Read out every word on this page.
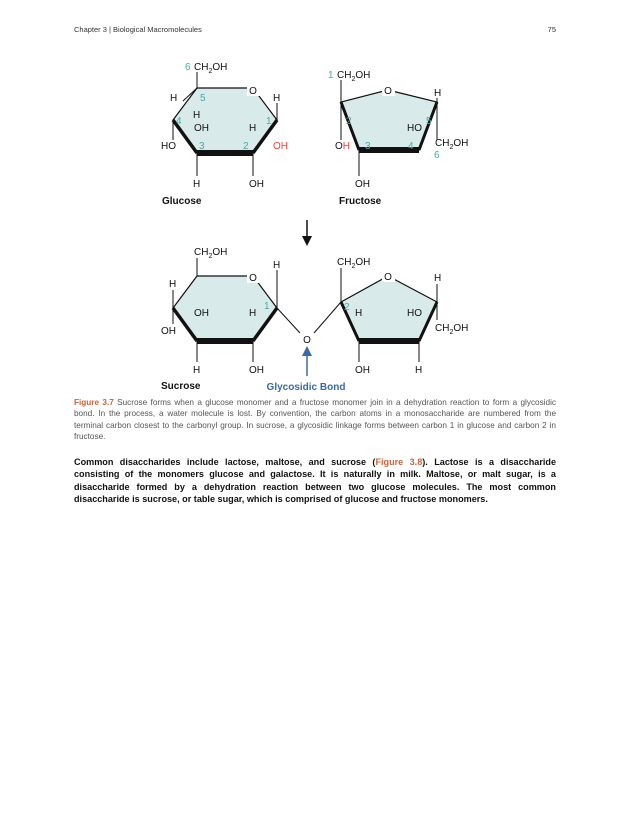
Chapter 3 | Biological Macromolecules	75
O
6 $CH_2OH$
H 5	H
1
4
H
OH	H
HO 3	2 OH
H	OH
Glucose
O
1 $CH_2OH$
H
2	5
HO
$CH_2OH$
6
OH 3	4
OH
Fructose
O
$CH_2OH$
H
H
OH	H
1
OH
H	OH
O
O
$CH_2OH$
H
2
H	HO
$CH_2OH$
OH	H
Sucrose	Glycosidic Bond
Figure 3.7 Sucrose forms when a glucose monomer and a fructose monomer join in a dehydration reaction to form a glycosidic bond. In the process, a water molecule is lost. By convention, the carbon atoms in a monosaccharide are numbered from the terminal carbon closest to the carbonyl group. In sucrose, a glycosidic linkage forms between carbon 1 in glucose and carbon 2 in fructose.
Common disaccharides include lactose, maltose, and sucrose (Figure 3.8). Lactose is a disaccharide consisting of the monomers glucose and galactose. It is naturally in milk. Maltose, or malt sugar, is a disaccharide formed by a dehydration reaction between two glucose molecules. The most common disaccharide is sucrose, or table sugar, which is comprised of glucose and fructose monomers.
